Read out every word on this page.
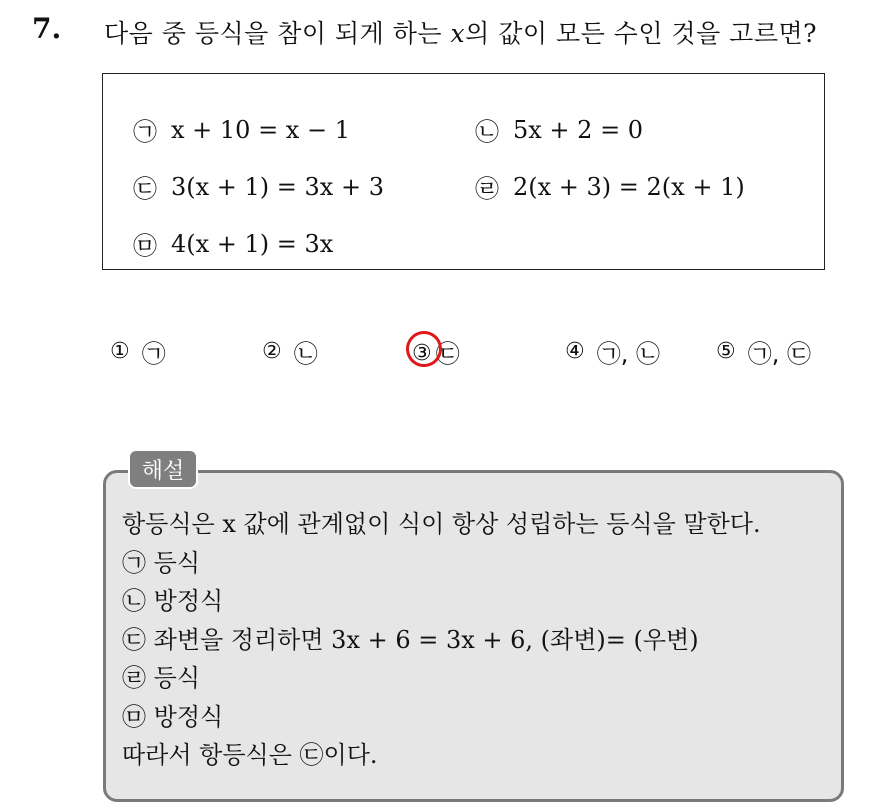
7. 다음 중 등식을 참이 되게 하는 x의 값이 모든 수인 것을 고르면?
㉠ x + 10 = x − 1	㉡ 5x + 2 = 0
㉢ 3(x + 1) = 3x + 3	㉣ 2(x + 3) = 2(x + 1)
㉤ 4(x + 1) = 3x
① ㉠	② ㉡	③ ㉢	④ ㉠, ㉡	⑤ ㉠, ㉢
해설
항등식은 x 값에 관계없이 식이 항상 성립하는 등식을 말한다.
㉠ 등식
㉡ 방정식
㉢ 좌변을 정리하면 3x + 6 = 3x + 6, (좌변)= (우변)
㉣ 등식
㉤ 방정식
따라서 항등식은 ㉢이다.
